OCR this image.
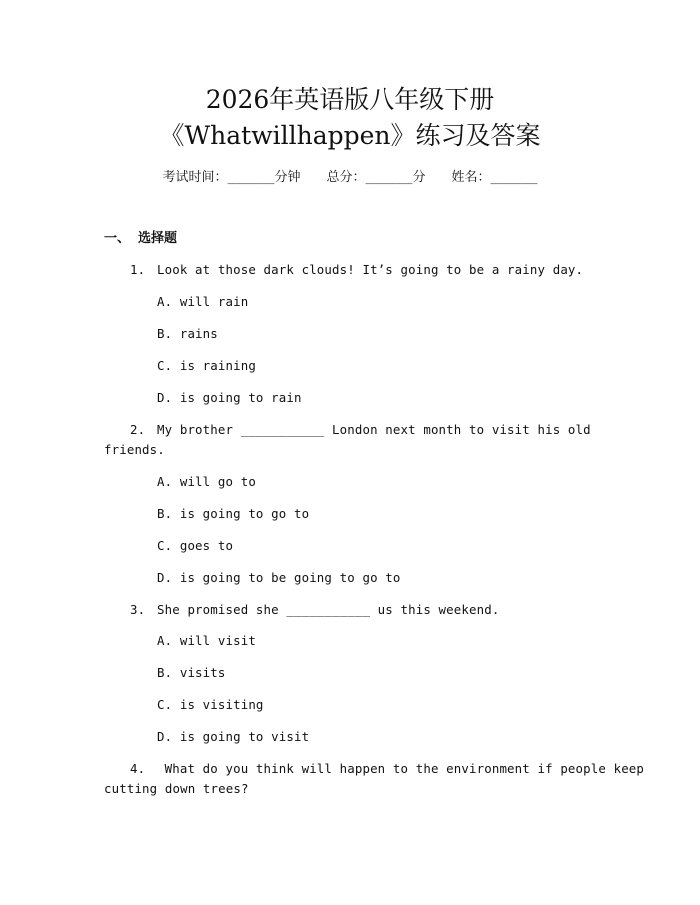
2026年英语版八年级下册
《Whatwillhappen》练习及答案
考试时间：______分钟 总分：______分 姓名：______
一、 选择题
1. Look at those dark clouds! It’s going to be a rainy day.
A. will rain
B. rains
C. is raining
D. is going to rain
2. My brother ___________ London next month to visit his old
friends.
A. will go to
B. is going to go to
C. goes to
D. is going to be going to go to
3. She promised she ___________ us this weekend.
A. will visit
B. visits
C. is visiting
D. is going to visit
4. What do you think will happen to the environment if people keep
cutting down trees?
